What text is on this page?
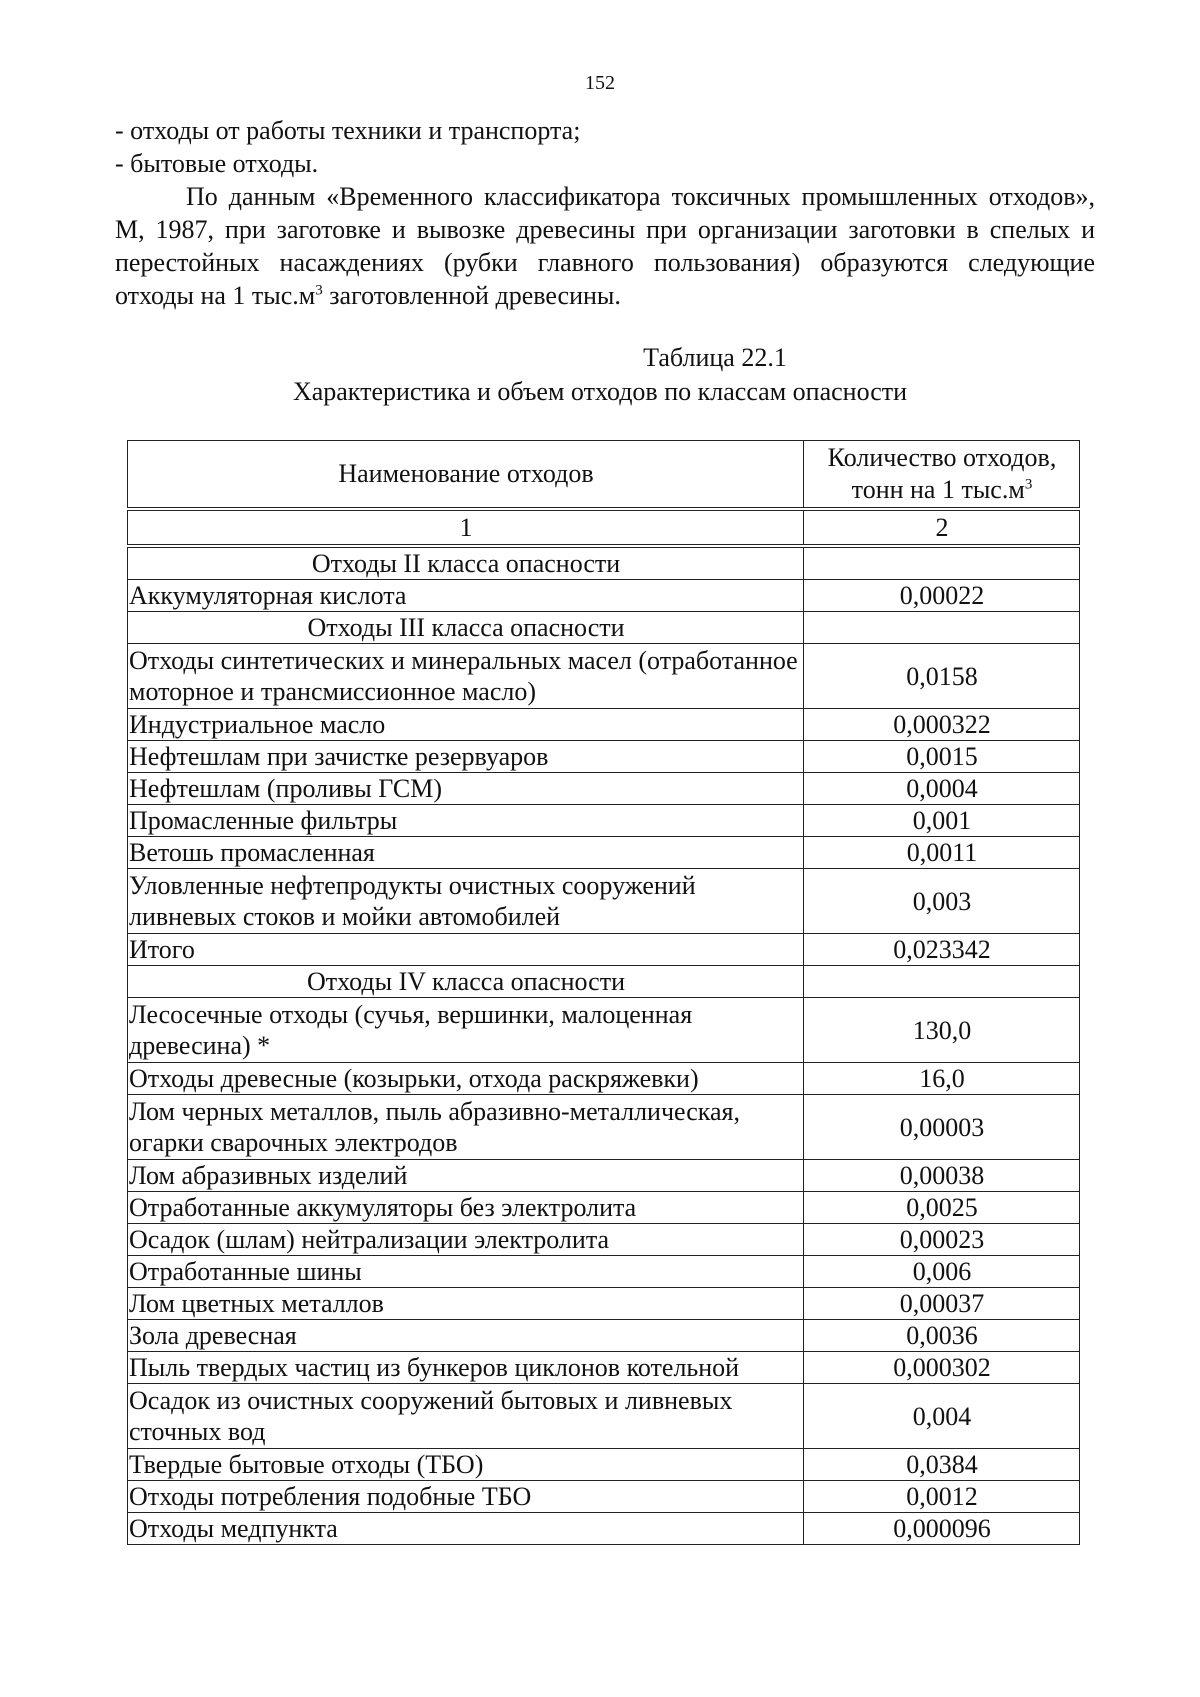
152

- отходы от работы техники и транспорта;

- бытовые отходы.

По данным «Временного классификатора токсичных промышленных отходов», М, 1987, при заготовке и вывозке древесины при организации заготовки в спелых и перестойных насаждениях (рубки главного пользования) образуются следующие отходы на 1 $тыс.м^3$ заготовленной древесины.

Таблица 22.1
Характеристика и объем отходов по классам опасности
Наименование отходов	Количество отходов,
тонн на 1 $тыс.м^3$

1	2

Отходы II класса опасности	
Аккумуляторная кислота	0,00022
Отходы III класса опасности	
Отходы синтетических и минеральных масел (отработанное моторное и трансмиссионное масло)	0,0158
Индустриальное масло	0,000322
Нефтешлам при зачистке резервуаров	0,0015
Нефтешлам (проливы ГСМ)	0,0004
Промасленные фильтры	0,001
Ветошь промасленная	0,0011
Уловленные нефтепродукты очистных сооружений ливневых стоков и мойки автомобилей	0,003
Итого	0,023342
Отходы IV класса опасности	
Лесосечные отходы (сучья, вершинки, малоценная древесина) *	130,0
Отходы древесные (козырьки, отхода раскряжевки)	16,0
Лом черных металлов, пыль абразивно-металлическая, огарки сварочных электродов	0,00003
Лом абразивных изделий	0,00038
Отработанные аккумуляторы без электролита	0,0025
Осадок (шлам) нейтрализации электролита	0,00023
Отработанные шины	0,006
Лом цветных металлов	0,00037
Зола древесная	0,0036
Пыль твердых частиц из бункеров циклонов котельной	0,000302
Осадок из очистных сооружений бытовых и ливневых сточных вод	0,004
Твердые бытовые отходы (ТБО)	0,0384
Отходы потребления подобные ТБО	0,0012
Отходы медпункта	0,000096
